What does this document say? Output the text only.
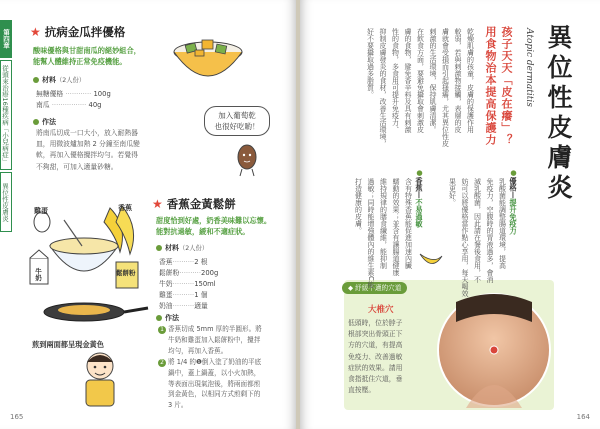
第四章
從頭來治療16種疾病「小兒病症」
異位性皮膚炎
★ 抗病金瓜拌優格
酸味優格與甘甜南瓜的絕妙組合，
能幫人體維持正常免疫機能。
材料（2人份）
無糖優格 ············ 100g
南瓜 ················ 40g
作法
將南瓜切成一口大小，放入耐熱器
皿，用微波爐加熱 2 分鐘至南瓜變
軟，再加入優格攪拌均勻。若覺得
不夠甜，可加入適量砂糖。
加入葡萄乾
也很好吃喲！
★ 香蕉金黃鬆餅
甜度恰到好處，奶香美味難以忘懷。
能對抗過敏，緩和不適症狀。
材料（2人份）
作法
1 香蕉切成 5mm 厚的半圓形。將
牛奶和雞蛋加入鬆餅粉中，攪拌
均勻，再加入香蕉。
2 將 1/4 的❶倒入塗了奶油的平底
鍋中，蓋上鍋蓋，以小火加熱，
等表面出現氣泡後，將兩面都煎
到金黃色，以相同方式煎剩下的
3 片。
雞蛋	香蕉
牛奶	鬆餅粉
煎到兩面都呈現金黃色
165
香蕉··········2 根
鬆餅粉··········200g
牛奶··········150ml
雞蛋··········1 個
奶油··········適量
異位性皮膚炎
Atopic dermatitis
孩子天天「皮在癢」？
用食物治本提高保護力
●優格—提升免疫力
●香蕉—不易過敏
◆ 紓緩不適的穴道
大椎穴
低頭時，位於脖子
根部突出骨頭正下
方的穴道，有提高
免疫力、改善過敏
症狀的效果。請用
食指抵住穴道，垂
直按壓。
164
乾燥肌膚的孩童，皮膚的保護作用
較弱，若與刺激物接觸，表層的皮
膚就會受損而引起搔癢，尤其異位性皮
刺激的生活環境，保持肌膚清潔。
在飲食方面，要避免攝取會刺激皮
膚的食物，避免香辛料及具有刺激
性的食物，多食用可提升免疫力、
抑制皮膚發炎的食材，改善生活環境，
好不要攝取過多脂質。
乳酸菌能調整腸道環境，提高
免疫力，空腹時的胃液過多，會消
滅乳酸菌，因此請在餐後食用，不
妨可以將優格當作點心享用，每天喝效
果更好。
含有特殊香蕉能促進加速內臟
蠕動的效果；並含有讓腸道健康
維持規律的膳食纖維，能抑制
過敏；同時能增強體內的維生素C能
打造健康的皮膚。
